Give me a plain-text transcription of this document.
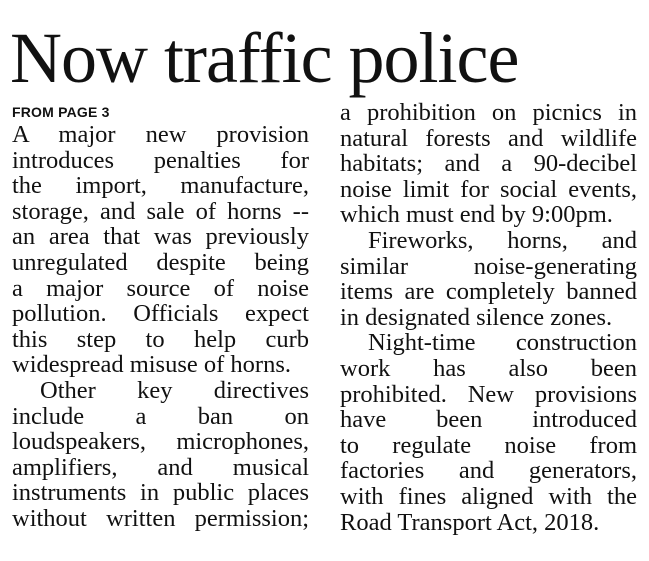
Now traffic police
FROM PAGE 3
A major new provision
introduces penalties for
the import, manufacture,
storage, and sale of horns --
an area that was previously
unregulated despite being
a major source of noise
pollution. Officials expect
this step to help curb
widespread misuse of horns.
Other key directives
include a ban on
loudspeakers, microphones,
amplifiers, and musical
instruments in public places
without written permission;
a prohibition on picnics in
natural forests and wildlife
habitats; and a 90-decibel
noise limit for social events,
which must end by 9:00pm.
Fireworks, horns, and
similar noise-generating
items are completely banned
in designated silence zones.
Night-time construction
work has also been
prohibited. New provisions
have been introduced
to regulate noise from
factories and generators,
with fines aligned with the
Road Transport Act, 2018.
